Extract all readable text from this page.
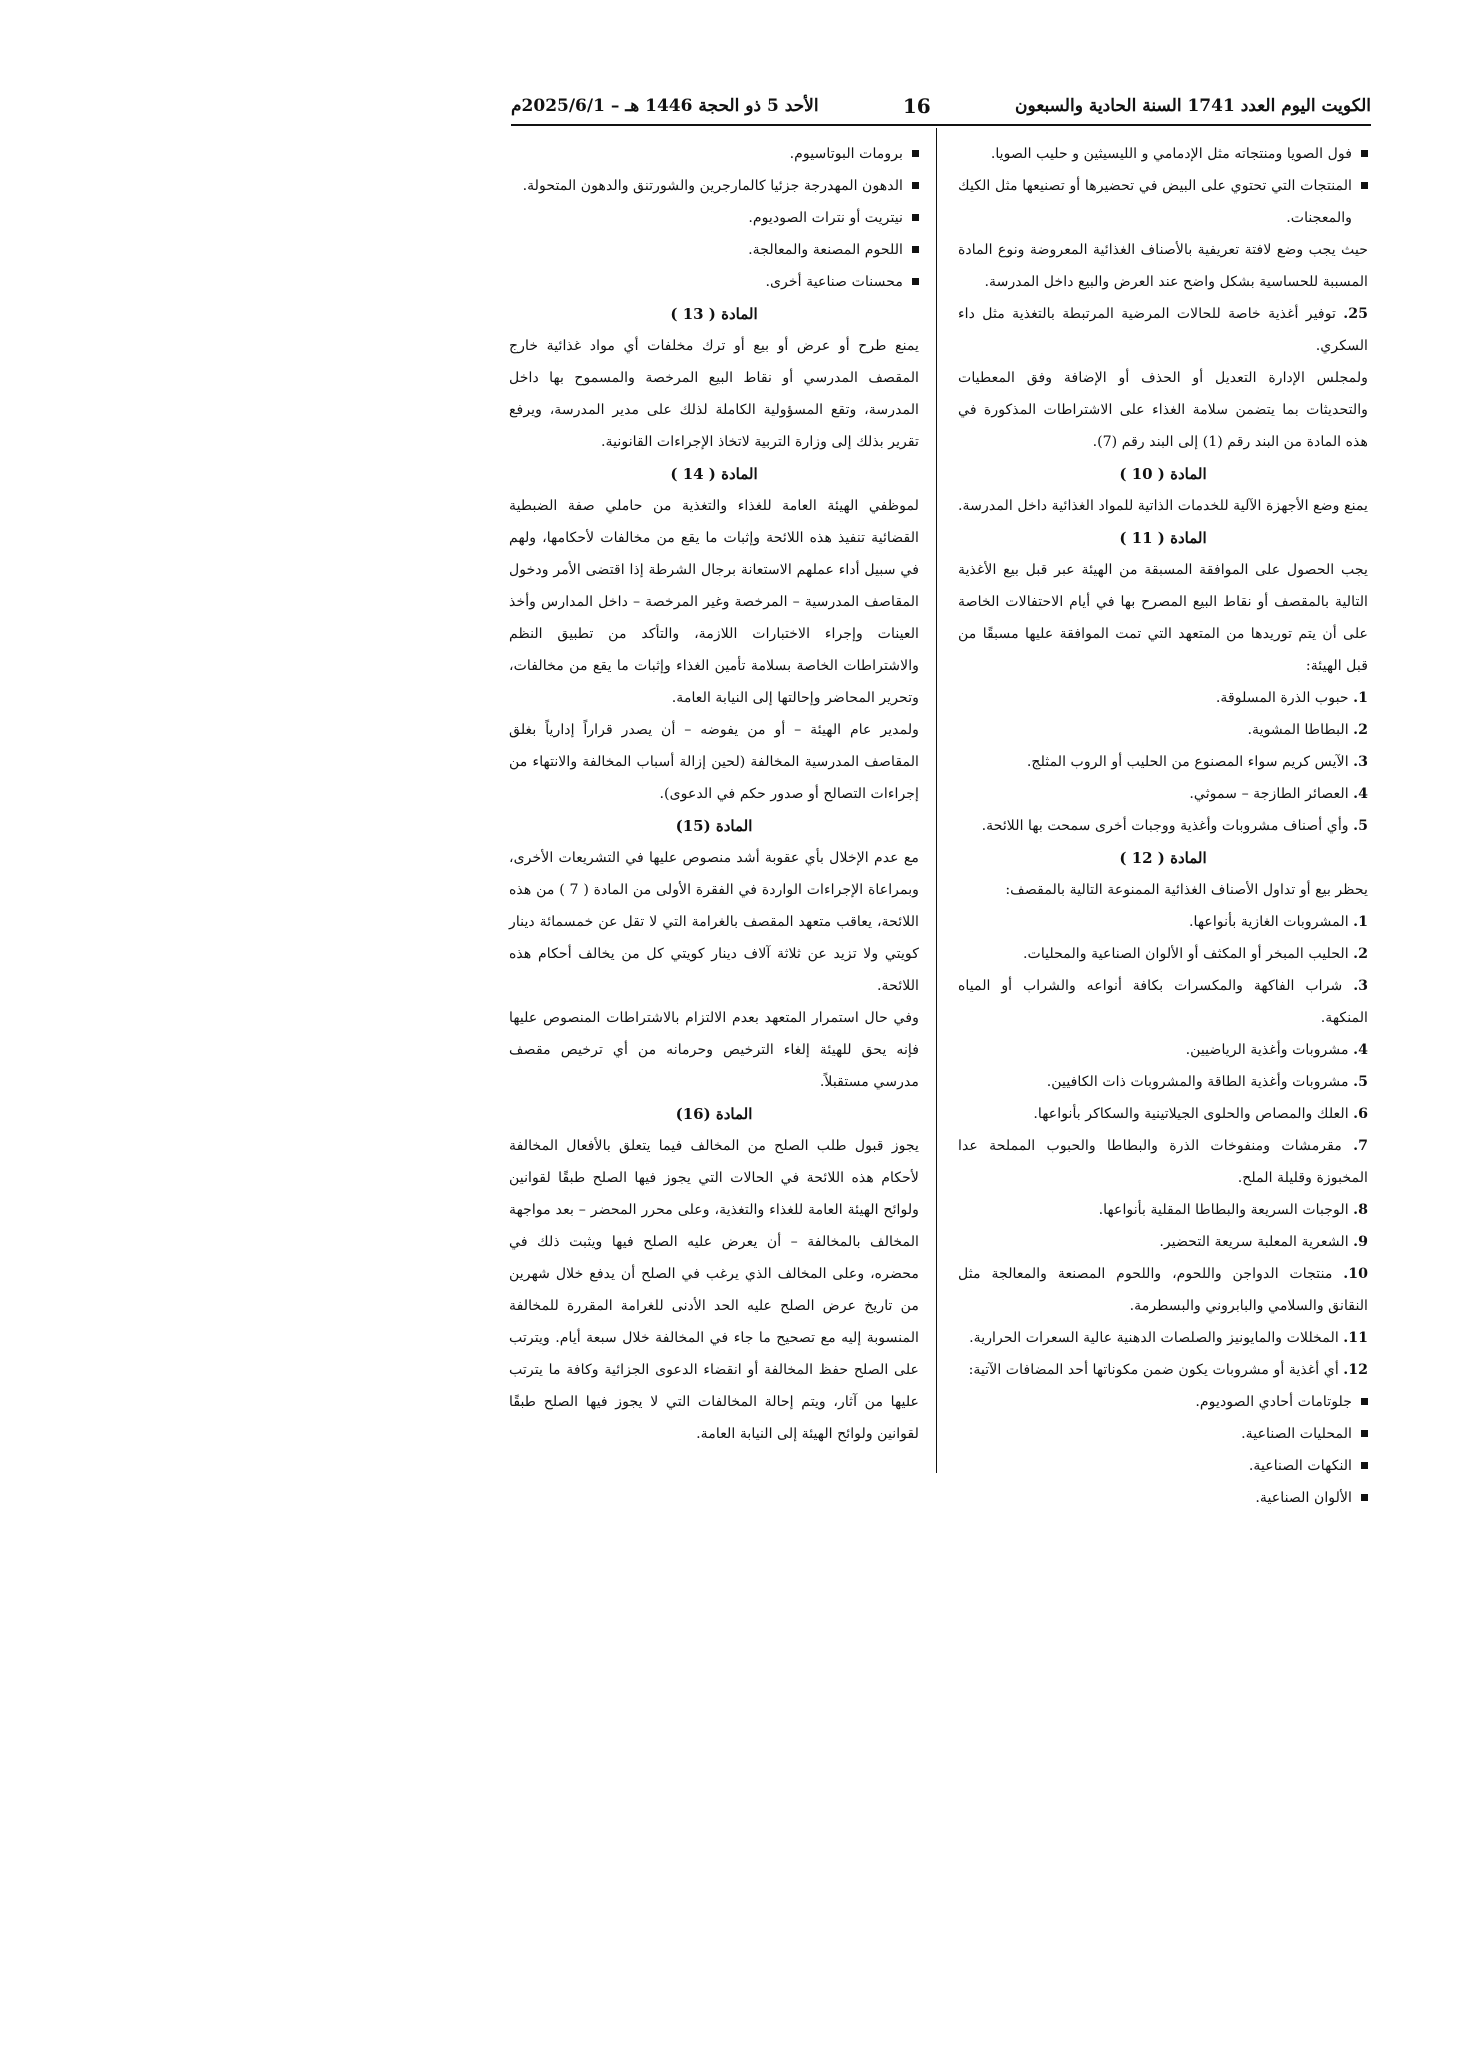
الكويت اليوم العدد 1741 السنة الحادية والسبعون
16
الأحد 5 ذو الحجة 1446 هـ – 2025/6/1م

فول الصويا ومنتجاته مثل الإدمامي و الليسيثين و حليب الصويا.

المنتجات التي تحتوي على البيض في تحضيرها أو تصنيعها مثل الكيك والمعجنات.

حيث يجب وضع لافتة تعريفية بالأصناف الغذائية المعروضة ونوع المادة المسببة للحساسية بشكل واضح عند العرض والبيع داخل المدرسة.

25. توفير أغذية خاصة للحالات المرضية المرتبطة بالتغذية مثل داء السكري.

ولمجلس الإدارة التعديل أو الحذف أو الإضافة وفق المعطيات والتحديثات بما يتضمن سلامة الغذاء على الاشتراطات المذكورة في هذه المادة من البند رقم (1) إلى البند رقم (7).

المادة ( 10 )

يمنع وضع الأجهزة الآلية للخدمات الذاتية للمواد الغذائية داخل المدرسة.

المادة ( 11 )

يجب الحصول على الموافقة المسبقة من الهيئة عبر قبل بيع الأغذية التالية بالمقصف أو نقاط البيع المصرح بها في أيام الاحتفالات الخاصة على أن يتم توريدها من المتعهد التي تمت الموافقة عليها مسبقًا من قبل الهيئة:

1. حبوب الذرة المسلوقة.

2. البطاطا المشوية.

3. الآيس كريم سواء المصنوع من الحليب أو الروب المثلج.

4. العصائر الطازجة – سموثي.

5. وأي أصناف مشروبات وأغذية ووجبات أخرى سمحت بها اللائحة.

المادة ( 12 )

يحظر بيع أو تداول الأصناف الغذائية الممنوعة التالية بالمقصف:

1. المشروبات الغازية بأنواعها.

2. الحليب المبخر أو المكثف أو الألوان الصناعية والمحليات.

3. شراب الفاكهة والمكسرات بكافة أنواعه والشراب أو المياه المنكهة.

4. مشروبات وأغذية الرياضيين.

5. مشروبات وأغذية الطاقة والمشروبات ذات الكافيين.

6. العلك والمصاص والحلوى الجيلاتينية والسكاكر بأنواعها.

7. مقرمشات ومنفوخات الذرة والبطاطا والحبوب المملحة عدا المخبوزة وقليلة الملح.

8. الوجبات السريعة والبطاطا المقلية بأنواعها.

9. الشعرية المعلبة سريعة التحضير.

10. منتجات الدواجن واللحوم، واللحوم المصنعة والمعالجة مثل النقانق والسلامي والبابروني والبسطرمة.

11. المخللات والمايونيز والصلصات الدهنية عالية السعرات الحرارية.

12. أي أغذية أو مشروبات يكون ضمن مكوناتها أحد المضافات الآتية:

جلوتامات أحادي الصوديوم.

المحليات الصناعية.

النكهات الصناعية.

الألوان الصناعية.

برومات البوتاسيوم.

الدهون المهدرجة جزئيا كالمارجرين والشورتنق والدهون المتحولة.

نيتريت أو نترات الصوديوم.

اللحوم المصنعة والمعالجة.

محسنات صناعية أخرى.

المادة ( 13 )

يمنع طرح أو عرض أو بيع أو ترك مخلفات أي مواد غذائية خارج المقصف المدرسي أو نقاط البيع المرخصة والمسموح بها داخل المدرسة، وتقع المسؤولية الكاملة لذلك على مدير المدرسة، ويرفع تقرير بذلك إلى وزارة التربية لاتخاذ الإجراءات القانونية.

المادة ( 14 )

لموظفي الهيئة العامة للغذاء والتغذية من حاملي صفة الضبطية القضائية تنفيذ هذه اللائحة وإثبات ما يقع من مخالفات لأحكامها، ولهم في سبيل أداء عملهم الاستعانة برجال الشرطة إذا اقتضى الأمر ودخول المقاصف المدرسية – المرخصة وغير المرخصة – داخل المدارس وأخذ العينات وإجراء الاختبارات اللازمة، والتأكد من تطبيق النظم والاشتراطات الخاصة بسلامة تأمين الغذاء وإثبات ما يقع من مخالفات، وتحرير المحاضر وإحالتها إلى النيابة العامة.

ولمدير عام الهيئة – أو من يفوضه – أن يصدر قراراً إدارياً بغلق المقاصف المدرسية المخالفة (لحين إزالة أسباب المخالفة والانتهاء من إجراءات التصالح أو صدور حكم في الدعوى).

المادة (15)

مع عدم الإخلال بأي عقوبة أشد منصوص عليها في التشريعات الأخرى، وبمراعاة الإجراءات الواردة في الفقرة الأولى من المادة ( 7 ) من هذه اللائحة، يعاقب متعهد المقصف بالغرامة التي لا تقل عن خمسمائة دينار كويتي ولا تزيد عن ثلاثة آلاف دينار كويتي كل من يخالف أحكام هذه اللائحة.

وفي حال استمرار المتعهد بعدم الالتزام بالاشتراطات المنصوص عليها فإنه يحق للهيئة إلغاء الترخيص وحرمانه من أي ترخيص مقصف مدرسي مستقبلاً.

المادة (16)

يجوز قبول طلب الصلح من المخالف فيما يتعلق بالأفعال المخالفة لأحكام هذه اللائحة في الحالات التي يجوز فيها الصلح طبقًا لقوانين ولوائح الهيئة العامة للغذاء والتغذية، وعلى محرر المحضر – بعد مواجهة المخالف بالمخالفة – أن يعرض عليه الصلح فيها ويثبت ذلك في محضره، وعلى المخالف الذي يرغب في الصلح أن يدفع خلال شهرين من تاريخ عرض الصلح عليه الحد الأدنى للغرامة المقررة للمخالفة المنسوبة إليه مع تصحيح ما جاء في المخالفة خلال سبعة أيام. ويترتب على الصلح حفظ المخالفة أو انقضاء الدعوى الجزائية وكافة ما يترتب عليها من آثار، ويتم إحالة المخالفات التي لا يجوز فيها الصلح طبقًا لقوانين ولوائح الهيئة إلى النيابة العامة.
